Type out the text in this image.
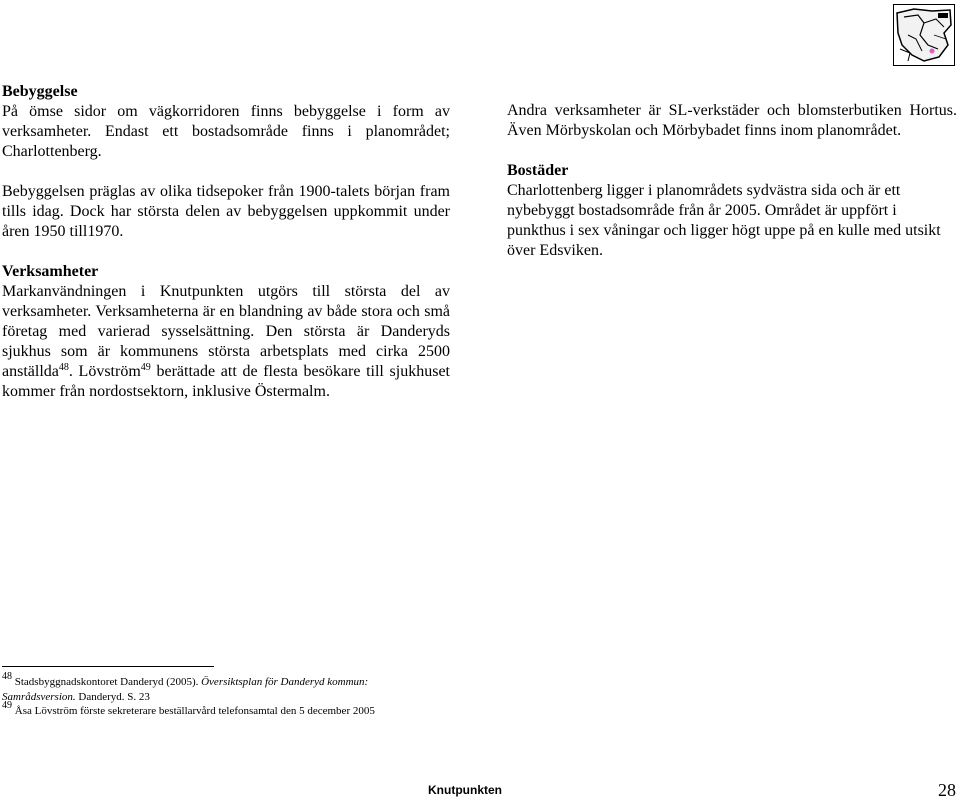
Bebyggelse
På ömse sidor om vägkorridoren finns bebyggelse i form av verksamheter. Endast ett bostadsområde finns i planområdet; Charlottenberg.

Bebyggelsen präglas av olika tidsepoker från 1900-talets början fram tills idag. Dock har största delen av bebyggelsen uppkommit under åren 1950 till1970.

Verksamheter
Markanvändningen i Knutpunkten utgörs till största del av verksamheter. Verksamheterna är en blandning av både stora och små företag med varierad sysselsättning. Den största är Danderyds sjukhus som är kommunens största arbetsplats med cirka 2500 anställda$^{48}$. Lövström$^{49}$ berättade att de flesta besökare till sjukhuset kommer från nordostsektorn, inklusive Östermalm.

Andra verksamheter är SL-verkstäder och blomsterbutiken Hortus. Även Mörbyskolan och Mörbybadet finns inom planområdet.

Bostäder
Charlottenberg ligger i planområdets sydvästra sida och är ett nybebyggt bostadsområde från år 2005. Området är uppfört i punkthus i sex våningar och ligger högt uppe på en kulle med utsikt över Edsviken.

$^{48}$ Stadsbyggnadskontoret Danderyd (2005). Översiktsplan för Danderyd kommun: Samrådsversion. Danderyd. S. 23
$^{49}$ Åsa Lövström förste sekreterare beställarvård telefonsamtal den 5 december 2005
Knutpunkten	28
